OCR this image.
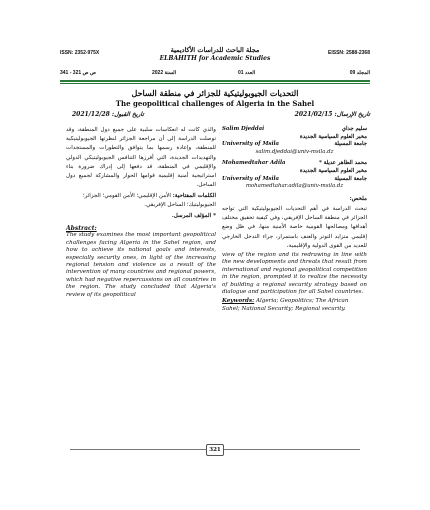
ISSN: 2352-975X	EISSN: 2588-2368
مجلة الباحث للدراسات الأكاديمية
ELBAHITH for Academic Studies
ص ص 321 - 341	السنة 2022	العدد 01	المجلد 09
التحديات الجيوبوليتيكية للجزائر في منطقة الساحل
The geopolitical challenges of Algeria in the Sahel
تاريخ الإرسال: 2021/02/15
تاريخ القبول: 2021/12/28

والذي كانت له انعكاسات سلبية على جميع دول المنطقة، وقد توصلت الدراسة إلى أن مراجعة الجزائر لنظرتها الجيوبوليتيكية للمنطقة، وإعادة رسمها بما يتوافق والتطورات والمستجدات والتهديدات الجديدة، التي أفرزها التنافس الجيوبوليتيكي الدولي والإقليمي في المنطقة، قد دفعها إلى إدراك ضرورة بناء استراتيجية أمنية إقليمية قوامها الحوار والمشاركة لجميع دول الساحل.

الكلمات المفتاحية: الأمن الإقليمي؛ الأمن القومي؛ الجزائر؛ الجيوبوليتيك؛ الساحل الإفريقي.
* المؤلف المرسل.
Abstract:
The study examines the most important geopolitical challenges facing Algeria in the Sahel region, and how to achieve its national goals and interests, especially security ones, in light of the increasing regional tension and violence as a result of the intervention of many countries and regional powers, which had negative repercussions on all countries in the region. The study concluded that Algeria's review of its geopolitical
Salim Djeddai	سليم جداي
مخبر العلوم السياسية الجديدة
University of Msila	جامعة المسيلة
salim.djeddai@univ-msila.dz
Mohamedtahar Adila	محمد الطاهر عديلة *
مخبر العلوم السياسية الجديدة
University of Msila	جامعة المسيلة
mohamedtahar.adila@univ-msila.dz

ملخص:

تبحث الدراسة في أهم التحديات الجيوبوليتيكية التي تواجه الجزائر في منطقة الساحل الإفريقي، وفي كيفية تحقيق مختلف أهدافها ومصالحها القومية خاصة الأمنية منها، في ظل وضع إقليمي متزايد التوتر والعنف باستمرار، جراء التدخل الخارجي للعديد من القوى الدولية والإقليمية،

view of the region and its redrawing in line with the new developments and threats that result from international and regional geopolitical competition in the region, prompted it to realize the necessity of building a regional security strategy based on dialogue and participation for all Sahel countries.
Keywords: Algeria; Geopolitics; The African Sahel; National Security; Regional security.
321
